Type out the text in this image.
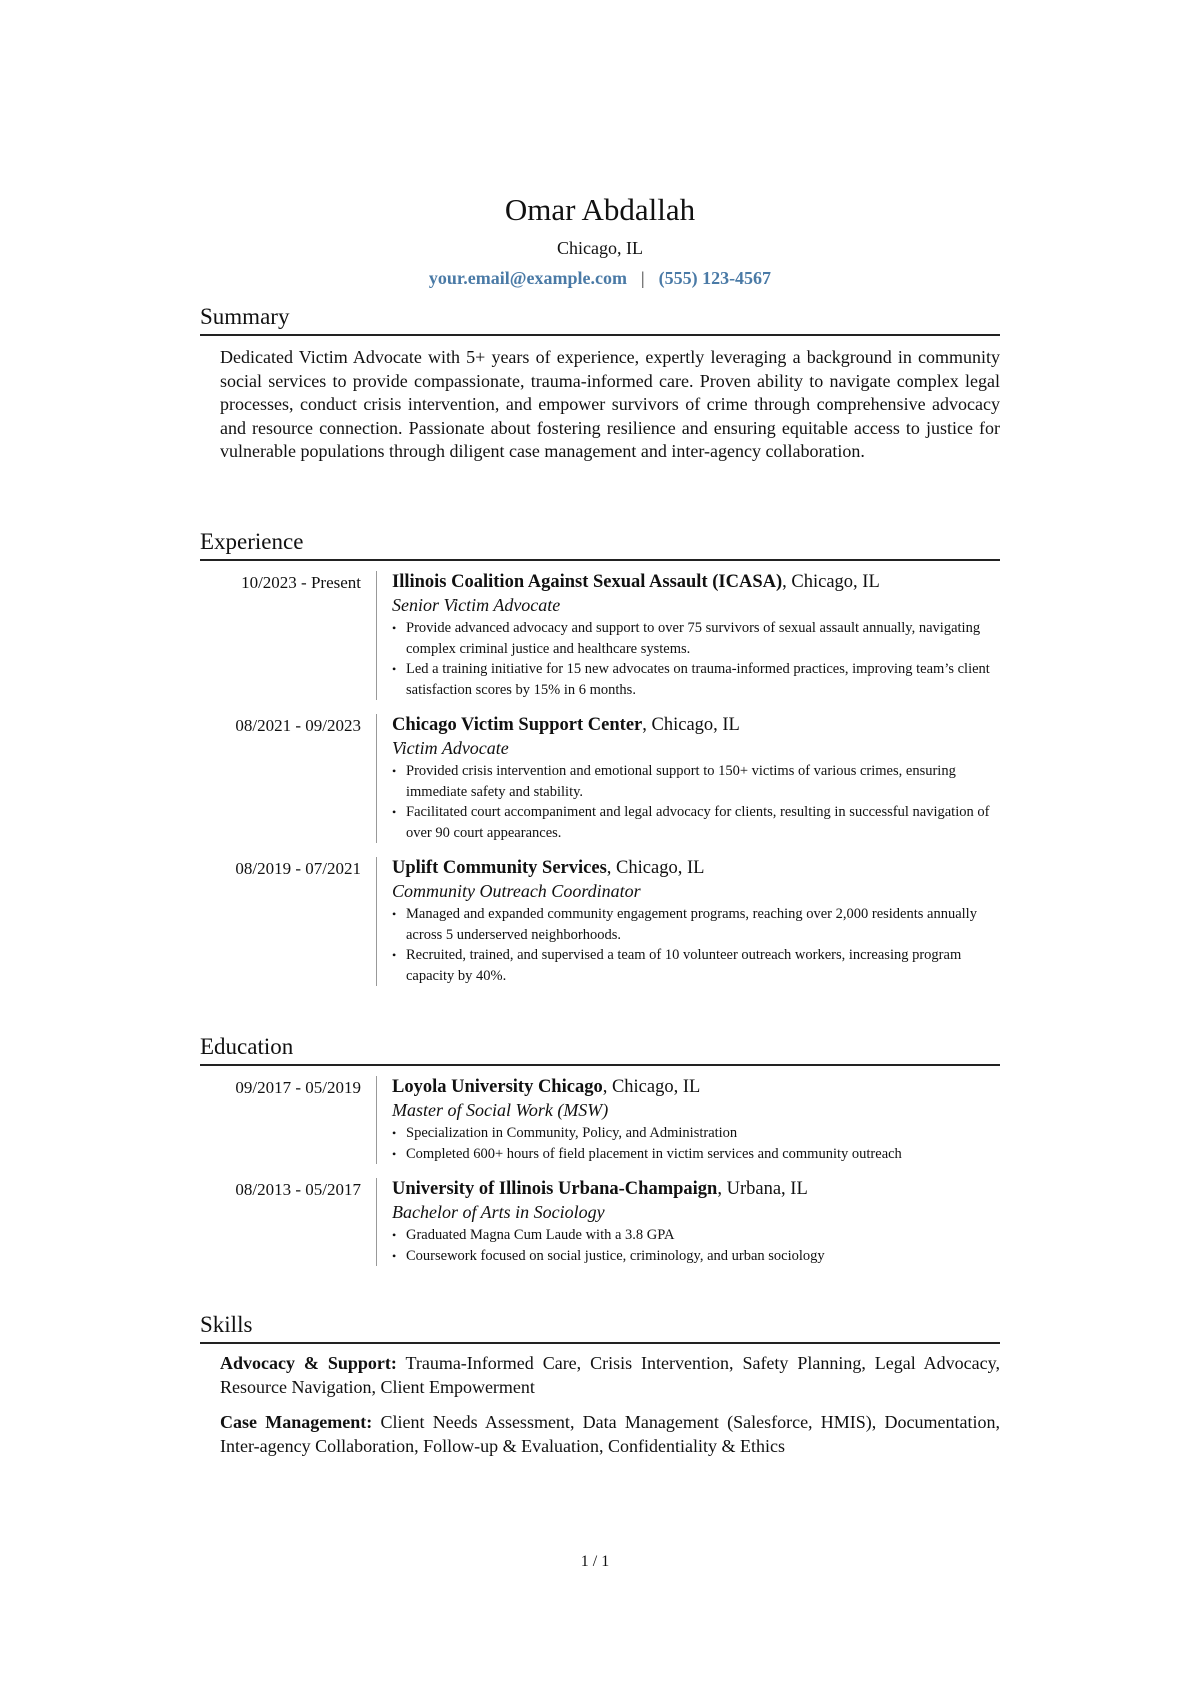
Omar Abdallah
Chicago, IL
your.email@example.com | (555) 123-4567
Summary

Dedicated Victim Advocate with 5+ years of experience, expertly leveraging a background in community social services to provide compassionate, trauma-informed care. Proven ability to navigate complex legal processes, conduct crisis intervention, and empower survivors of crime through comprehensive advocacy and resource connection. Passionate about fostering resilience and ensuring equitable access to justice for vulnerable populations through diligent case management and inter-agency collaboration.

Experience
10/2023 - Present	Illinois Coalition Against Sexual Assault (ICASA), Chicago, IL
Senior Victim Advocate
• Provide advanced advocacy and support to over 75 survivors of sexual assault annually, navigating complex criminal justice and healthcare systems.
• Led a training initiative for 15 new advocates on trauma-informed practices, improving team’s client satisfaction scores by 15% in 6 months.
08/2021 - 09/2023	Chicago Victim Support Center, Chicago, IL
Victim Advocate
• Provided crisis intervention and emotional support to 150+ victims of various crimes, ensuring immediate safety and stability.
• Facilitated court accompaniment and legal advocacy for clients, resulting in successful navigation of over 90 court appearances.
08/2019 - 07/2021	Uplift Community Services, Chicago, IL
Community Outreach Coordinator
• Managed and expanded community engagement programs, reaching over 2,000 residents annually across 5 underserved neighborhoods.
• Recruited, trained, and supervised a team of 10 volunteer outreach workers, increasing program capacity by 40%.
Education
09/2017 - 05/2019	Loyola University Chicago, Chicago, IL
Master of Social Work (MSW)
• Specialization in Community, Policy, and Administration
• Completed 600+ hours of field placement in victim services and community outreach
08/2013 - 05/2017	University of Illinois Urbana-Champaign, Urbana, IL
Bachelor of Arts in Sociology
• Graduated Magna Cum Laude with a 3.8 GPA
• Coursework focused on social justice, criminology, and urban sociology
Skills
Advocacy & Support: Trauma-Informed Care, Crisis Intervention, Safety Planning, Legal Advocacy, Resource Navigation, Client Empowerment
Case Management: Client Needs Assessment, Data Management (Salesforce, HMIS), Documentation, Inter-agency Collaboration, Follow-up & Evaluation, Confidentiality & Ethics
1 / 1
